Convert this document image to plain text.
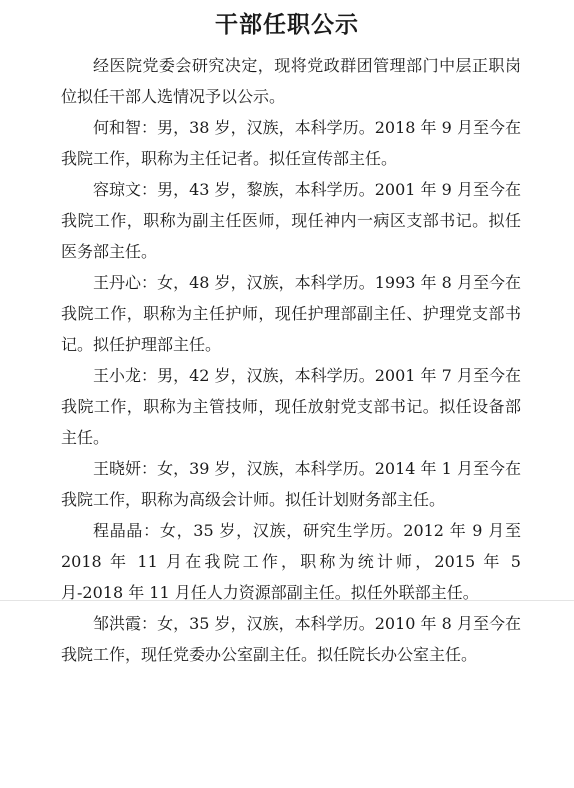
干部任职公示

经医院党委会研究决定，现将党政群团管理部门中层正职岗位拟任干部人选情况予以公示。

何和智：男，38 岁，汉族，本科学历。2018 年 9 月至今在我院工作，职称为主任记者。拟任宣传部主任。

容琼文：男，43 岁，黎族，本科学历。2001 年 9 月至今在我院工作，职称为副主任医师，现任神内一病区支部书记。拟任医务部主任。

王丹心：女，48 岁，汉族，本科学历。1993 年 8 月至今在我院工作，职称为主任护师，现任护理部副主任、护理党支部书记。拟任护理部主任。

王小龙：男，42 岁，汉族，本科学历。2001 年 7 月至今在我院工作，职称为主管技师，现任放射党支部书记。拟任设备部主任。

王晓妍：女，39 岁，汉族，本科学历。2014 年 1 月至今在我院工作，职称为高级会计师。拟任计划财务部主任。

程晶晶：女，35 岁，汉族，研究生学历。2012 年 9 月至 2018 年 11 月在我院工作，职称为统计师，2015 年 5 月-2018 年 11 月任人力资源部副主任。拟任外联部主任。

邹洪霞：女，35 岁，汉族，本科学历。2010 年 8 月至今在我院工作，现任党委办公室副主任。拟任院长办公室主任。
